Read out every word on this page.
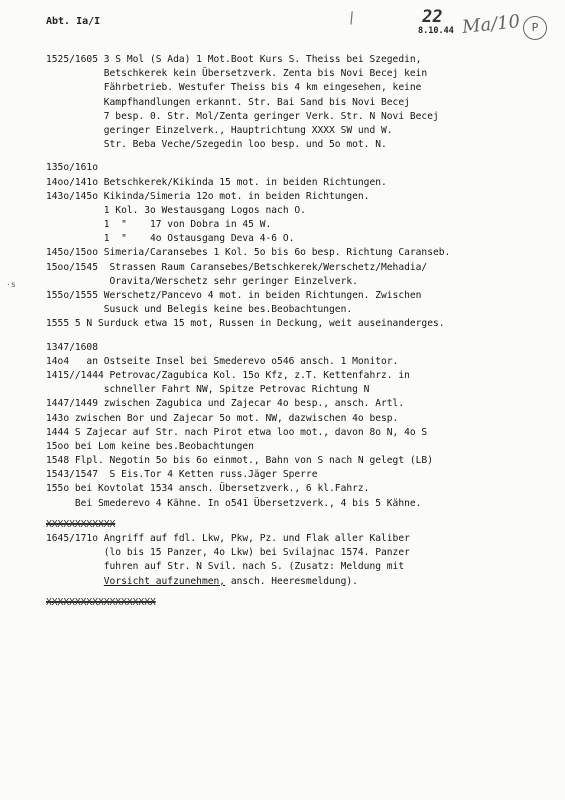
Abt. Ia/I	\	22
8.10.44 Ma/10 P
·s
1525/1605 3 S Mol (S Ada) 1 Mot.Boot Kurs S. Theiss bei Szegedin,
Betschkerek kein Übersetzverk. Zenta bis Novi Becej kein
Fährbetrieb. Westufer Theiss bis 4 km eingesehen, keine
Kampfhandlungen erkannt. Str. Bai Sand bis Novi Becej
7 besp. 0. Str. Mol/Zenta geringer Verk. Str. N Novi Becej
geringer Einzelverk., Hauptrichtung XXXX SW und W.
Str. Beba Veche/Szegedin loo besp. und 5o mot. N.
135o/161o
14oo/141o Betschkerek/Kikinda 15 mot. in beiden Richtungen.
143o/145o Kikinda/Simeria 12o mot. in beiden Richtungen.
1 Kol. 3o Westausgang Logos nach O.
1  "    17 von Dobra in 45 W.
1  "    4o Ostausgang Deva 4-6 O.
145o/15oo Simeria/Caransebes 1 Kol. 5o bis 6o besp. Richtung Caranseb.
15oo/1545  Strassen Raum Caransebes/Betschkerek/Werschetz/Mehadia/
Oravita/Werschetz sehr geringer Einzelverk.
155o/1555 Werschetz/Pancevo 4 mot. in beiden Richtungen. Zwischen
Susuck und Belegis keine bes.Beobachtungen.
1555 5 N Surduck etwa 15 mot, Russen in Deckung, weit auseinanderges.
1347/1608
14o4   an Ostseite Insel bei Smederevo o546 ansch. 1 Monitor.
1415//1444 Petrovac/Zagubica Kol. 15o Kfz, z.T. Kettenfahrz. in
schneller Fahrt NW, Spitze Petrovac Richtung N
1447/1449 zwischen Zagubica und Zajecar 4o besp., ansch. Artl.
143o zwischen Bor und Zajecar 5o mot. NW, dazwischen 4o besp.
1444 S Zajecar auf Str. nach Pirot etwa loo mot., davon 8o N, 4o S
15oo bei Lom keine bes.Beobachtungen
1548 Flpl. Negotin 5o bis 6o einmot., Bahn von S nach N gelegt (LB)
1543/1547  S Eis.Tor 4 Ketten russ.Jäger Sperre
155o bei Kovtolat 1534 ansch. Übersetzverk., 6 kl.Fahrz.
Bei Smederevo 4 Kähne. In o541 Übersetzverk., 4 bis 5 Kähne.
XXXXXXXXXXXX
1645/171o Angriff auf fdl. Lkw, Pkw, Pz. und Flak aller Kaliber
(lo bis 15 Panzer, 4o Lkw) bei Svilajnac 1574. Panzer
fuhren auf Str. N Svil. nach S. (Zusatz: Meldung mit
Vorsicht aufzunehmen, ansch. Heeresmeldung).
XXXXXXXXXXXXXXXXXXX
